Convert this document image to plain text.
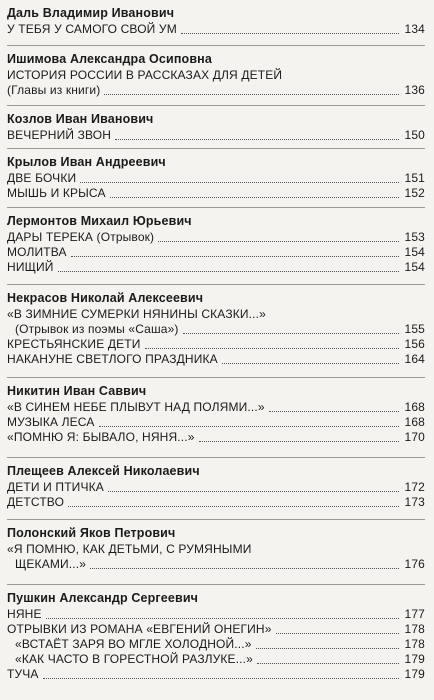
Даль Владимир Иванович
У ТЕБЯ У САМОГО СВОЙ УМ	134
Ишимова Александра Осиповна
ИСТОРИЯ РОССИИ В РАССКАЗАХ ДЛЯ ДЕТЕЙ
(Главы из книги)	136
Козлов Иван Иванович
ВЕЧЕРНИЙ ЗВОН	150
Крылов Иван Андреевич
ДВЕ БОЧКИ	151
МЫШЬ И КРЫСА	152
Лермонтов Михаил Юрьевич
ДАРЫ ТЕРЕКА (Отрывок)	153
МОЛИТВА	154
НИЩИЙ	154
Некрасов Николай Алексеевич
«В ЗИМНИЕ СУМЕРКИ НЯНИНЫ СКАЗКИ...»
(Отрывок из поэмы «Саша»)	155
КРЕСТЬЯНСКИЕ ДЕТИ	156
НАКАНУНЕ СВЕТЛОГО ПРАЗДНИКА	164
Никитин Иван Саввич
«В СИНЕМ НЕБЕ ПЛЫВУТ НАД ПОЛЯМИ...»	168
МУЗЫКА ЛЕСА	168
«ПОМНЮ Я: БЫВАЛО, НЯНЯ...»	170
Плещеев Алексей Николаевич
ДЕТИ И ПТИЧКА	172
ДЕТСТВО	173
Полонский Яков Петрович
«Я ПОМНЮ, КАК ДЕТЬМИ, С РУМЯНЫМИ
ЩЕКАМИ...»	176
Пушкин Александр Сергеевич
НЯНЕ	177
ОТРЫВКИ ИЗ РОМАНА «ЕВГЕНИЙ ОНЕГИН»	178
«ВСТАЁТ ЗАРЯ ВО МГЛЕ ХОЛОДНОЙ...»	178
«КАК ЧАСТО В ГОРЕСТНОЙ РАЗЛУКЕ...»	179
ТУЧА	179
